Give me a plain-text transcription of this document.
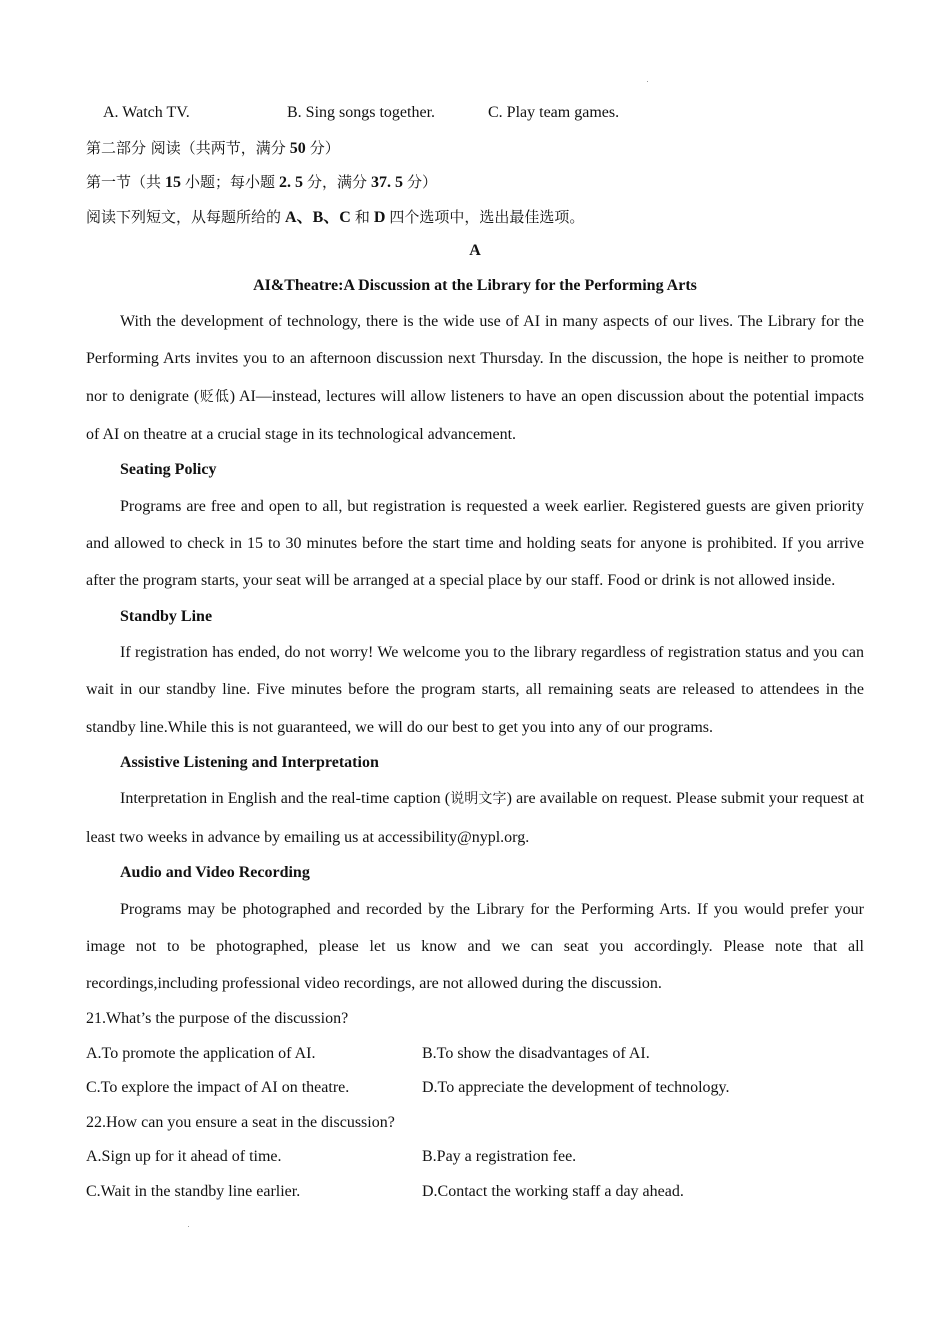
A. Watch TV.	B. Sing songs together.	C. Play team games.
第二部分 阅读（共两节，满分 50 分）
第一节（共 15 小题；每小题 2. 5 分，满分 37. 5 分）
阅读下列短文，从每题所给的 A、B、C 和 D 四个选项中，选出最佳选项。
A
AI&Theatre:A Discussion at the Library for the Performing Arts

With the development of technology, there is the wide use of AI in many aspects of our lives. The Library for the Performing Arts invites you to an afternoon discussion next Thursday. In the discussion, the hope is neither to promote nor to denigrate (贬低) AI—instead, lectures will allow listeners to have an open discussion about the potential impacts of AI on theatre at a crucial stage in its technological advancement.

Seating Policy

Programs are free and open to all, but registration is requested a week earlier. Registered guests are given priority and allowed to check in 15 to 30 minutes before the start time and holding seats for anyone is prohibited. If you arrive after the program starts, your seat will be arranged at a special place by our staff. Food or drink is not allowed inside.

Standby Line

If registration has ended, do not worry! We welcome you to the library regardless of registration status and you can wait in our standby line. Five minutes before the program starts, all remaining seats are released to attendees in the standby line.While this is not guaranteed, we will do our best to get you into any of our programs.

Assistive Listening and Interpretation

Interpretation in English and the real-time caption (说明文字) are available on request. Please submit your request at least two weeks in advance by emailing us at accessibility@nypl.org.

Audio and Video Recording

Programs may be photographed and recorded by the Library for the Performing Arts. If you would prefer your image not to be photographed, please let us know and we can seat you accordingly. Please note that all recordings,including professional video recordings, are not allowed during the discussion.

21.What’s the purpose of the discussion?
A.To promote the application of AI.	B.To show the disadvantages of AI.
C.To explore the impact of AI on theatre.	D.To appreciate the development of technology.
22.How can you ensure a seat in the discussion?
A.Sign up for it ahead of time.	B.Pay a registration fee.
C.Wait in the standby line earlier.	D.Contact the working staff a day ahead.
